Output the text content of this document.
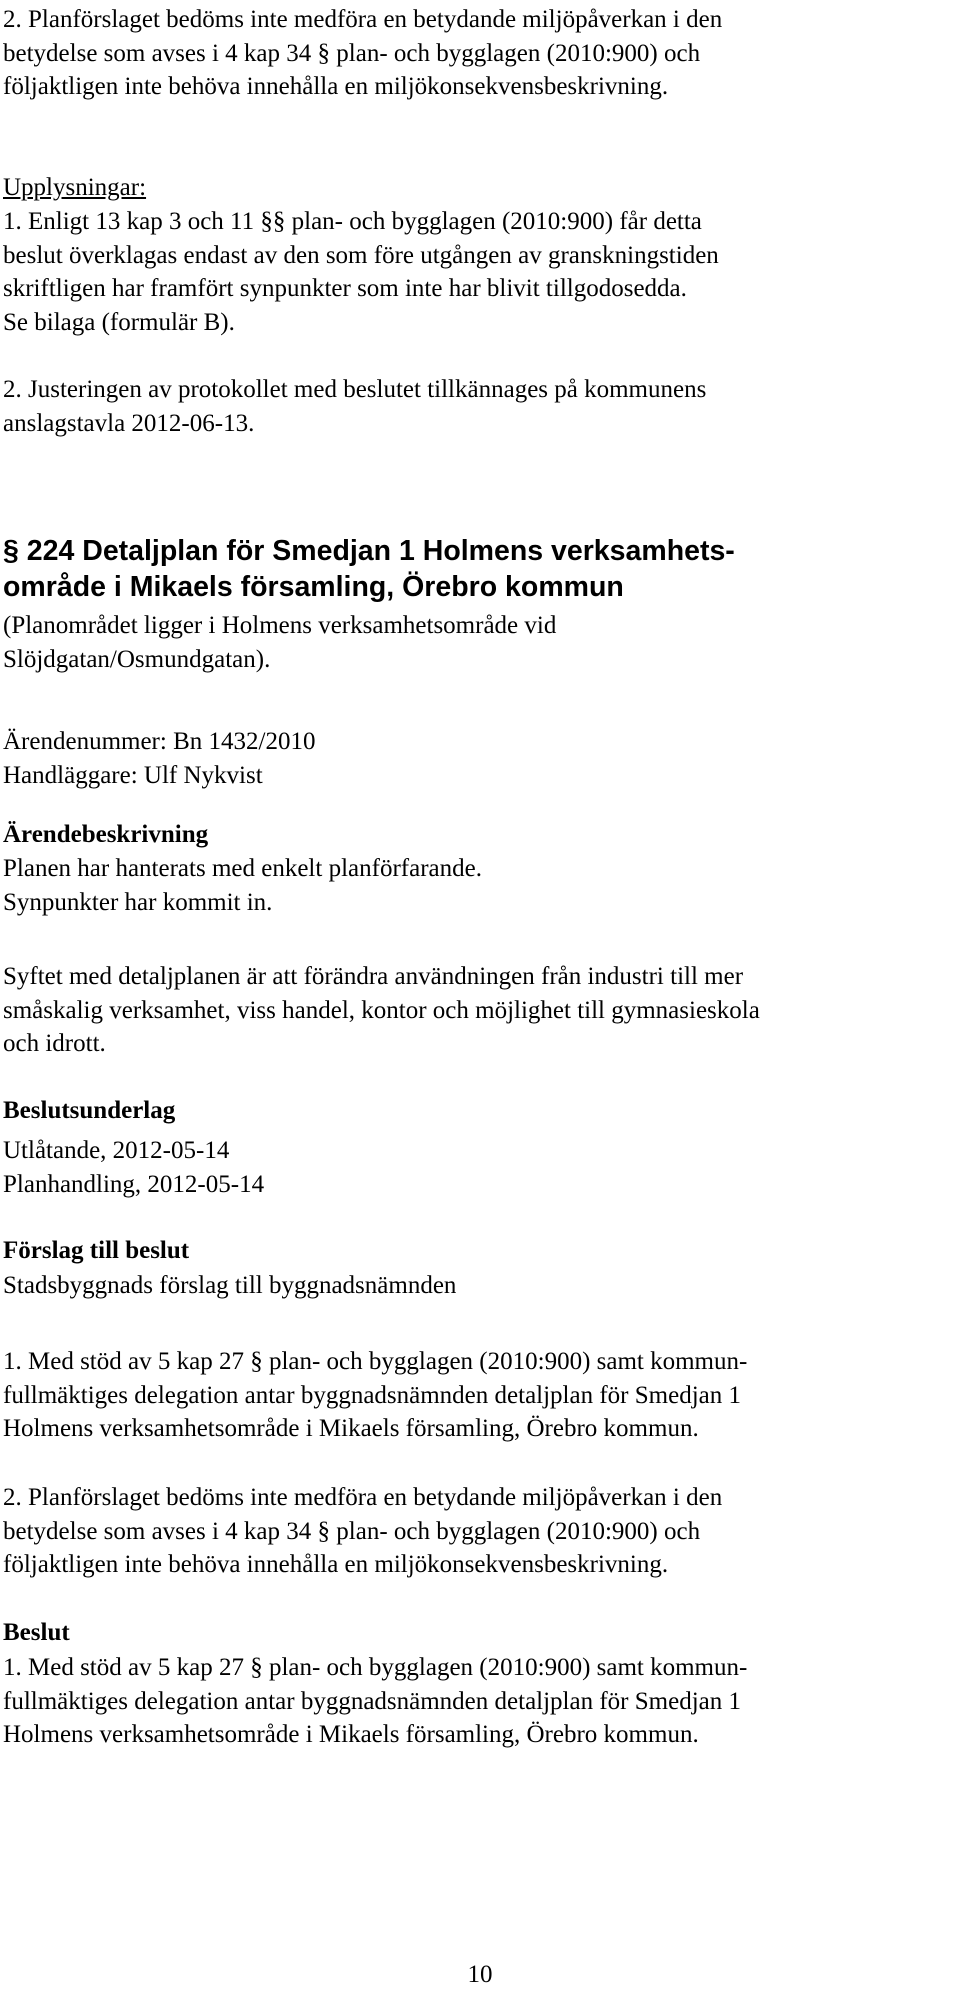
2. Planförslaget bedöms inte medföra en betydande miljöpåverkan i den
betydelse som avses i 4 kap 34 § plan- och bygglagen (2010:900) och
följaktligen inte behöva innehålla en miljökonsekvensbeskrivning.

Upplysningar:

1. Enligt 13 kap 3 och 11 §§ plan- och bygglagen (2010:900) får detta
beslut överklagas endast av den som före utgången av granskningstiden
skriftligen har framfört synpunkter som inte har blivit tillgodosedda.
Se bilaga (formulär B).

2. Justeringen av protokollet med beslutet tillkännages på kommunens
anslagstavla 2012-06-13.

§ 224 Detaljplan för Smedjan 1 Holmens verksamhets-
område i Mikaels församling, Örebro kommun

(Planområdet ligger i Holmens verksamhetsområde vid
Slöjdgatan/Osmundgatan).

Ärendenummer: Bn 1432/2010
Handläggare: Ulf Nykvist

Ärendebeskrivning

Planen har hanterats med enkelt planförfarande.
Synpunkter har kommit in.

Syftet med detaljplanen är att förändra användningen från industri till mer
småskalig verksamhet, viss handel, kontor och möjlighet till gymnasieskola
och idrott.

Beslutsunderlag

Utlåtande, 2012-05-14
Planhandling, 2012-05-14

Förslag till beslut

Stadsbyggnads förslag till byggnadsnämnden

1. Med stöd av 5 kap 27 § plan- och bygglagen (2010:900) samt kommun-
fullmäktiges delegation antar byggnadsnämnden detaljplan för Smedjan 1
Holmens verksamhetsområde i Mikaels församling, Örebro kommun.

2. Planförslaget bedöms inte medföra en betydande miljöpåverkan i den
betydelse som avses i 4 kap 34 § plan- och bygglagen (2010:900) och
följaktligen inte behöva innehålla en miljökonsekvensbeskrivning.

Beslut

1. Med stöd av 5 kap 27 § plan- och bygglagen (2010:900) samt kommun-
fullmäktiges delegation antar byggnadsnämnden detaljplan för Smedjan 1
Holmens verksamhetsområde i Mikaels församling, Örebro kommun.

10
